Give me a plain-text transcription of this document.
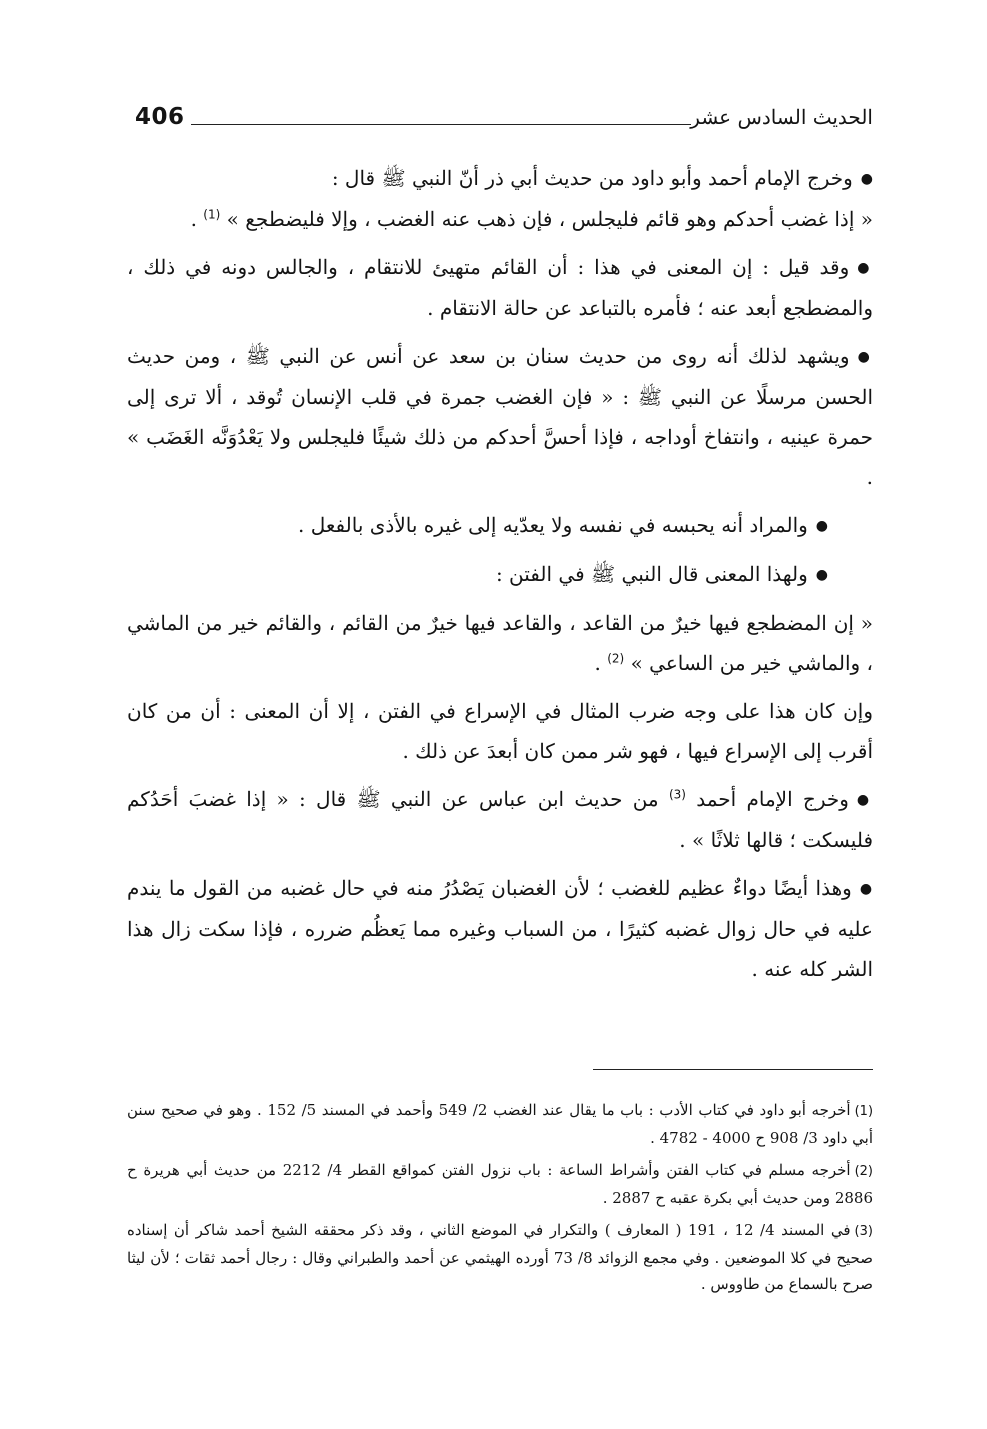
406	الحديث السادس عشر

●وخرج الإمام أحمد وأبو داود من حديث أبي ذر أنّ النبي ﷺ قال :

« إذا غضب أحدكم وهو قائم فليجلس ، فإن ذهب عنه الغضب ، وإلا فليضطجع » $^{(1)}$ .

●وقد قيل : إن المعنى في هذا : أن القائم متهيئ للانتقام ، والجالس دونه في ذلك ، والمضطجع أبعد عنه ؛ فأمره بالتباعد عن حالة الانتقام .

●ويشهد لذلك أنه روى من حديث سنان بن سعد عن أنس عن النبي ﷺ ، ومن حديث الحسن مرسلًا عن النبي ﷺ : « فإن الغضب جمرة في قلب الإنسان تُوقد ، ألا ترى إلى حمرة عينيه ، وانتفاخ أوداجه ، فإذا أحسَّ أحدكم من ذلك شيئًا فليجلس ولا يَعْدُوَنَّه الغَضَب » .

●والمراد أنه يحبسه في نفسه ولا يعدّيه إلى غيره بالأذى بالفعل .

●ولهذا المعنى قال النبي ﷺ في الفتن :

« إن المضطجع فيها خيرٌ من القاعد ، والقاعد فيها خيرٌ من القائم ، والقائم خير من الماشي ، والماشي خير من الساعي » $^{(2)}$ .

وإن كان هذا على وجه ضرب المثال في الإسراع في الفتن ، إلا أن المعنى : أن من كان أقرب إلى الإسراع فيها ، فهو شر ممن كان أبعدَ عن ذلك .

●وخرج الإمام أحمد $^{(3)}$ من حديث ابن عباس عن النبي ﷺ قال : « إذا غضبَ أحَدُكم فليسكت ؛ قالها ثلاثًا » .

●وهذا أيضًا دواءٌ عظيم للغضب ؛ لأن الغضبان يَصْدُرُ منه في حال غضبه من القول ما يندم عليه في حال زوال غضبه كثيرًا ، من السباب وغيره مما يَعظُم ضرره ، فإذا سكت زال هذا الشر كله عنه .

(1)أخرجه أبو داود في كتاب الأدب : باب ما يقال عند الغضب 2/ 549 وأحمد في المسند 5/ 152 . وهو في صحيح سنن أبي داود 3/ 908 ح 4000 - 4782 .

(2)أخرجه مسلم في كتاب الفتن وأشراط الساعة : باب نزول الفتن كمواقع القطر 4/ 2212 من حديث أبي هريرة ح 2886 ومن حديث أبي بكرة عقبه ح 2887 .

(3)في المسند 4/ 12 ، 191 ( المعارف ) والتكرار في الموضع الثاني ، وقد ذكر محققه الشيخ أحمد شاكر أن إسناده صحيح في كلا الموضعين . وفي مجمع الزوائد 8/ 73 أورده الهيثمي عن أحمد والطبراني وقال : رجال أحمد ثقات ؛ لأن ليثا صرح بالسماع من طاووس .
